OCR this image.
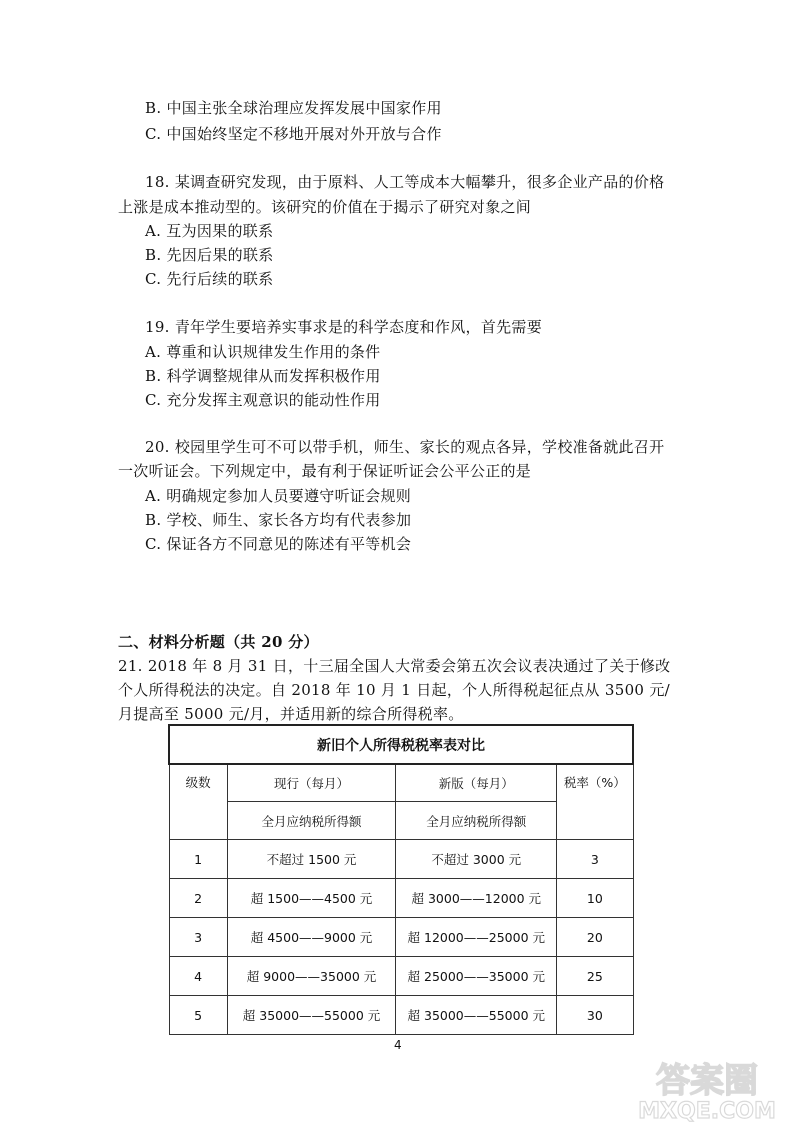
B. 中国主张全球治理应发挥发展中国家作用
C. 中国始终坚定不移地开展对外开放与合作
18. 某调查研究发现，由于原料、人工等成本大幅攀升，很多企业产品的价格
上涨是成本推动型的。该研究的价值在于揭示了研究对象之间
A. 互为因果的联系
B. 先因后果的联系
C. 先行后续的联系
19. 青年学生要培养实事求是的科学态度和作风，首先需要
A. 尊重和认识规律发生作用的条件
B. 科学调整规律从而发挥积极作用
C. 充分发挥主观意识的能动性作用
20. 校园里学生可不可以带手机，师生、家长的观点各异，学校准备就此召开
一次听证会。下列规定中，最有利于保证听证会公平公正的是
A. 明确规定参加人员要遵守听证会规则
B. 学校、师生、家长各方均有代表参加
C. 保证各方不同意见的陈述有平等机会
二、材料分析题（共 20 分）
21. 2018 年 8 月 31 日，十三届全国人大常委会第五次会议表决通过了关于修改
个人所得税法的决定。自 2018 年 10 月 1 日起，个人所得税起征点从 3500 元/
月提高至 5000 元/月，并适用新的综合所得税率。
新旧个人所得税税率表对比			
级数	现行（每月）	新版（每月）	税率（%）
	全月应纳税所得额	全月应纳税所得额	
1	不超过 1500 元	不超过 3000 元	3
2	超 1500——4500 元	超 3000——12000 元	10
3	超 4500——9000 元	超 12000——25000 元	20
4	超 9000——35000 元	超 25000——35000 元	25
5	超 35000——55000 元	超 35000——55000 元	30
4
答案圈
MXQE.COM
